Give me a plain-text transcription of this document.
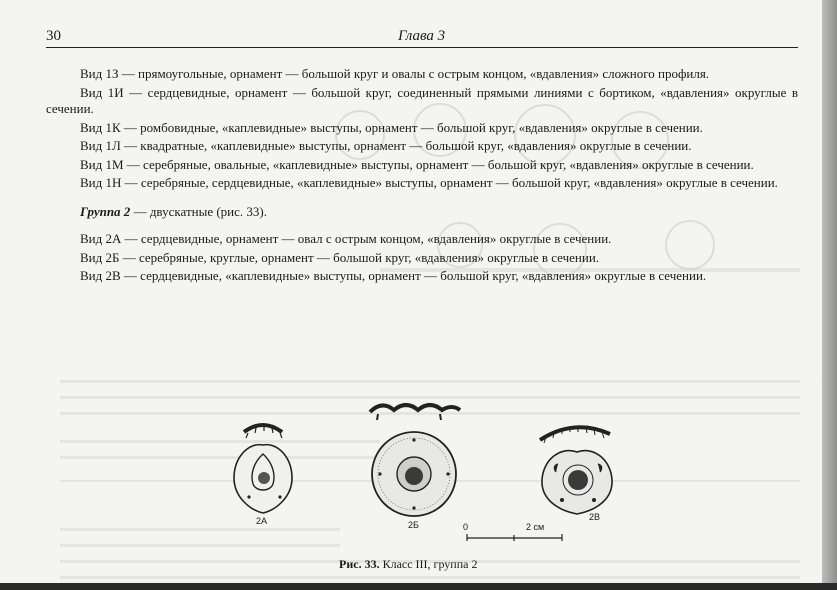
30	Глава 3

Вид 1З — прямоугольные, орнамент — большой круг и овалы с острым концом, «вдавления» сложного профиля.

Вид 1И — сердцевидные, орнамент — большой круг, соединенный прямыми линиями с бортиком, «вдавления» округлые в сечении.

Вид 1К — ромбовидные, «каплевидные» выступы, орнамент — большой круг, «вдавления» округлые в сечении.

Вид 1Л — квадратные, «каплевидные» выступы, орнамент — большой круг, «вдавления» округлые в сечении.

Вид 1М — серебряные, овальные, «каплевидные» выступы, орнамент — большой круг, «вдавления» округлые в сечении.

Вид 1Н — серебряные, сердцевидные, «каплевидные» выступы, орнамент — большой круг, «вдавления» округлые в сечении.

Группа 2 — двускатные (рис. 33).

Вид 2А — сердцевидные, орнамент — овал с острым концом, «вдавления» округлые в сечении.

Вид 2Б — серебряные, круглые, орнамент — большой круг, «вдавления» округлые в сечении.

Вид 2В — сердцевидные, «каплевидные» выступы, орнамент — большой круг, «вдавления» округлые в сечении.

2А	2Б
2В
0	2 см
Рис. 33. Класс III, группа 2
